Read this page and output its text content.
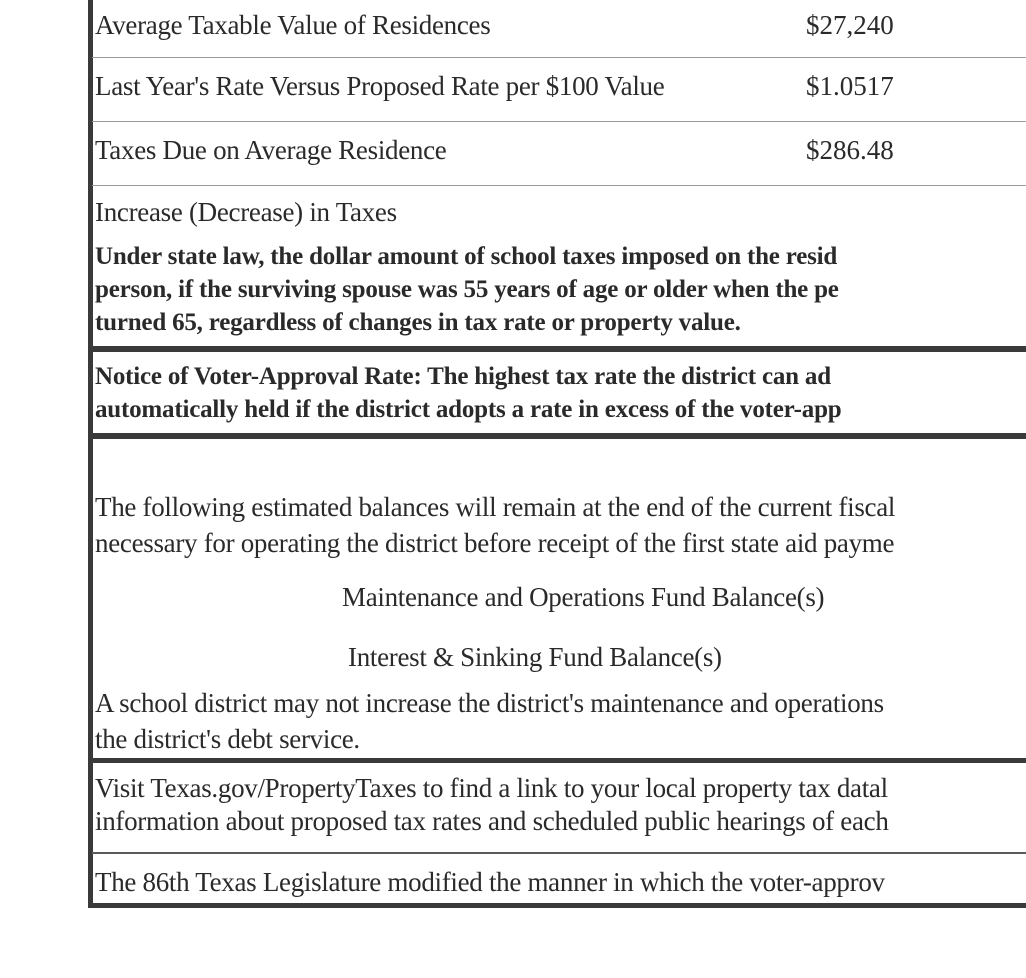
Average Taxable Value of Residences	$27,240
Last Year's Rate Versus Proposed Rate per $100 Value	$1.0517
Taxes Due on Average Residence	$286.48
Increase (Decrease) in Taxes
Under state law, the dollar amount of school taxes imposed on the resid
person, if the surviving spouse was 55 years of age or older when the pe
turned 65, regardless of changes in tax rate or property value.
Notice of Voter-Approval Rate: The highest tax rate the district can ad
automatically held if the district adopts a rate in excess of the voter-app
The following estimated balances will remain at the end of the current fiscal
necessary for operating the district before receipt of the first state aid payme
Maintenance and Operations Fund Balance(s)
Interest & Sinking Fund Balance(s)
A school district may not increase the district's maintenance and operations
the district's debt service.
Visit Texas.gov/PropertyTaxes to find a link to your local property tax datal
information about proposed tax rates and scheduled public hearings of each
The 86th Texas Legislature modified the manner in which the voter-approv
